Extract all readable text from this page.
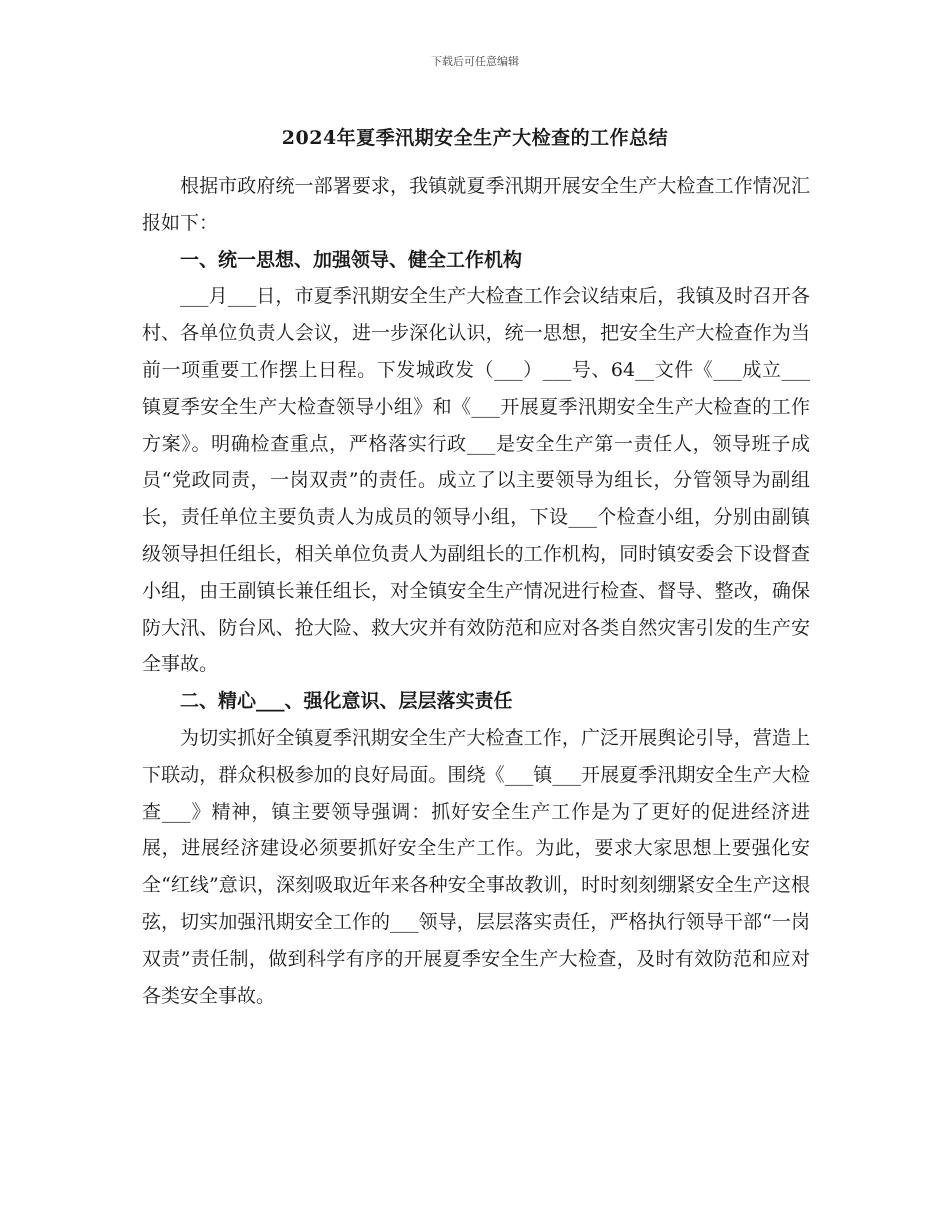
下载后可任意编辑
2024年夏季汛期安全生产大检查的工作总结

根据市政府统一部署要求，我镇就夏季汛期开展安全生产大检查工作情况汇报如下：

一、统一思想、加强领导、健全工作机构

___月___日，市夏季汛期安全生产大检查工作会议结束后，我镇及时召开各村、各单位负责人会议，进一步深化认识，统一思想，把安全生产大检查作为当前一项重要工作摆上日程。下发城政发（___）___号、64__文件《___成立___镇夏季安全生产大检查领导小组》和《___开展夏季汛期安全生产大检查的工作方案》。明确检查重点，严格落实行政___是安全生产第一责任人，领导班子成员“党政同责，一岗双责”的责任。成立了以主要领导为组长，分管领导为副组长，责任单位主要负责人为成员的领导小组，下设___个检查小组，分别由副镇级领导担任组长，相关单位负责人为副组长的工作机构，同时镇安委会下设督查小组，由王副镇长兼任组长，对全镇安全生产情况进行检查、督导、整改，确保防大汛、防台风、抢大险、救大灾并有效防范和应对各类自然灾害引发的生产安全事故。

二、精心___、强化意识、层层落实责任

为切实抓好全镇夏季汛期安全生产大检查工作，广泛开展舆论引导，营造上下联动，群众积极参加的良好局面。围绕《___镇___开展夏季汛期安全生产大检查___》精神，镇主要领导强调：抓好安全生产工作是为了更好的促进经济进展，进展经济建设必须要抓好安全生产工作。为此，要求大家思想上要强化安全“红线”意识，深刻吸取近年来各种安全事故教训，时时刻刻绷紧安全生产这根弦，切实加强汛期安全工作的___领导，层层落实责任，严格执行领导干部“一岗双责”责任制，做到科学有序的开展夏季安全生产大检查，及时有效防范和应对各类安全事故。
